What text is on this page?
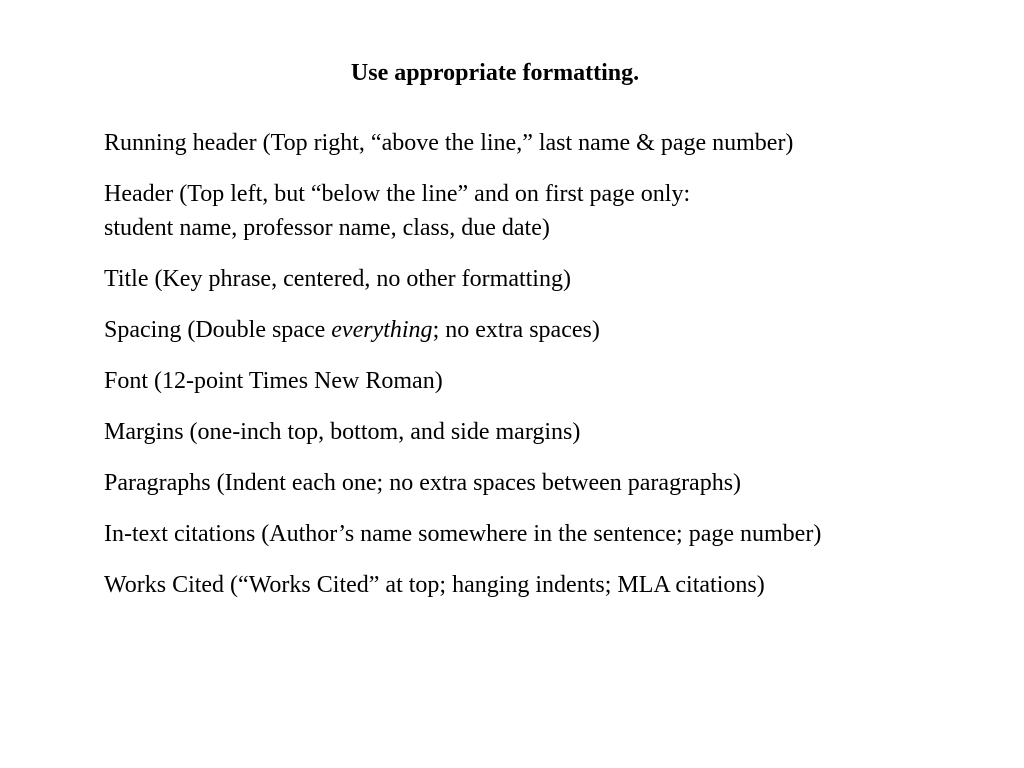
Use appropriate formatting.
Running header (Top right, “above the line,” last name & page number)
Header (Top left, but “below the line” and on first page only:
student name, professor name, class, due date)
Title (Key phrase, centered, no other formatting)
Spacing (Double space everything; no extra spaces)
Font (12-point Times New Roman)
Margins (one-inch top, bottom, and side margins)
Paragraphs (Indent each one; no extra spaces between paragraphs)
In-text citations (Author’s name somewhere in the sentence; page number)
Works Cited (“Works Cited” at top; hanging indents; MLA citations)
